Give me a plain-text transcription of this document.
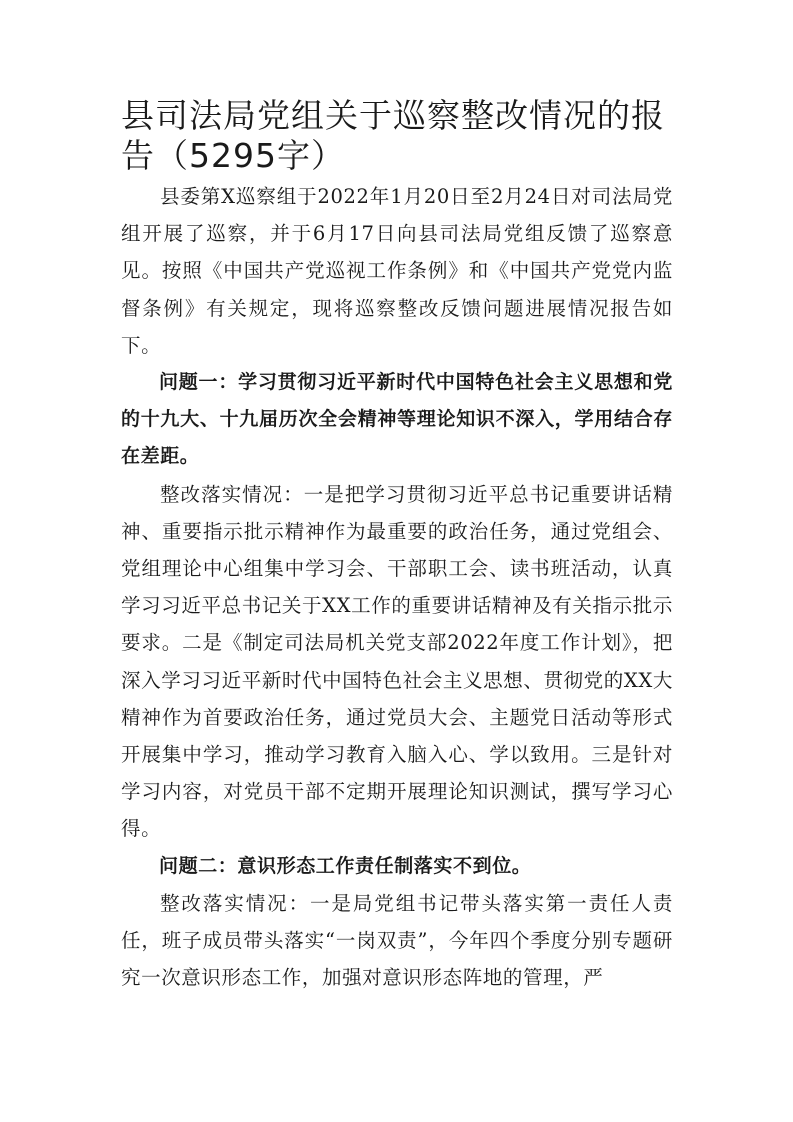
县司法局党组关于巡察整改情况的报告（5295字）

县委第X巡察组于2022年1月20日至2月24日对司法局党组开展了巡察，并于6月17日向县司法局党组反馈了巡察意见。按照《中国共产党巡视工作条例》和《中国共产党党内监督条例》有关规定，现将巡察整改反馈问题进展情况报告如下。

问题一：学习贯彻习近平新时代中国特色社会主义思想和党的十九大、十九届历次全会精神等理论知识不深入，学用结合存在差距。

整改落实情况：一是把学习贯彻习近平总书记重要讲话精神、重要指示批示精神作为最重要的政治任务，通过党组会、党组理论中心组集中学习会、干部职工会、读书班活动，认真学习习近平总书记关于XX工作的重要讲话精神及有关指示批示要求。二是《制定司法局机关党支部2022年度工作计划》，把深入学习习近平新时代中国特色社会主义思想、贯彻党的XX大精神作为首要政治任务，通过党员大会、主题党日活动等形式开展集中学习，推动学习教育入脑入心、学以致用。三是针对学习内容，对党员干部不定期开展理论知识测试，撰写学习心得。

问题二：意识形态工作责任制落实不到位。

整改落实情况：一是局党组书记带头落实第一责任人责任，班子成员带头落实“一岗双责”，今年四个季度分别专题研究一次意识形态工作，加强对意识形态阵地的管理，严
